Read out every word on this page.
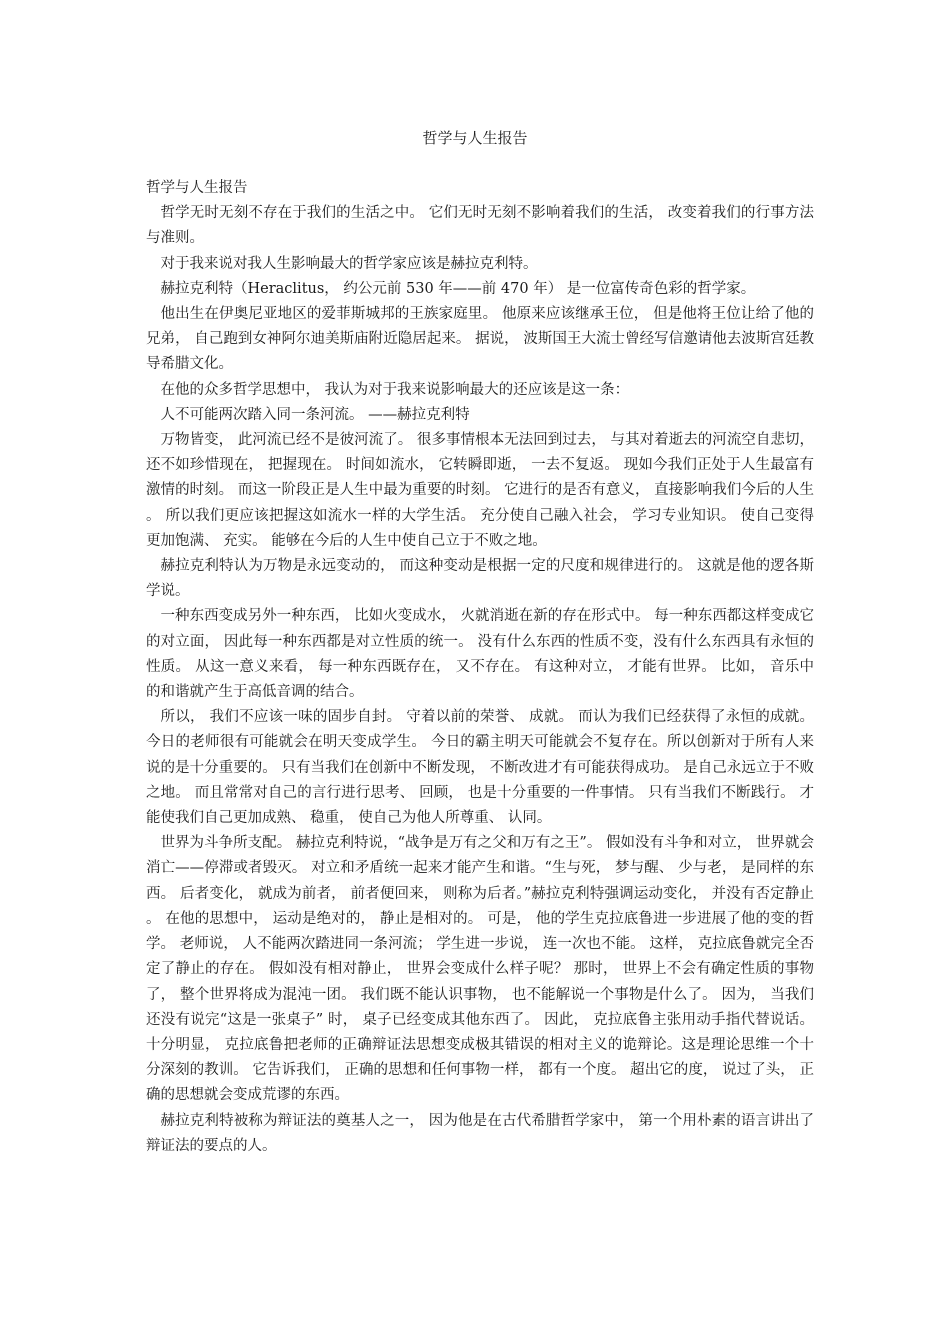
哲学与人生报告

哲学与人生报告

哲学无时无刻不存在于我们的生活之中。 它们无时无刻不影响着我们的生活， 改变着我们的行事方法与准则。

对于我来说对我人生影响最大的哲学家应该是赫拉克利特。

赫拉克利特（Heraclitus， 约公元前 530 年——前 470 年） 是一位富传奇色彩的哲学家。

他出生在伊奥尼亚地区的爱菲斯城邦的王族家庭里。 他原来应该继承王位， 但是他将王位让给了他的兄弟， 自己跑到女神阿尔迪美斯庙附近隐居起来。 据说， 波斯国王大流士曾经写信邀请他去波斯宫廷教导希腊文化。

在他的众多哲学思想中， 我认为对于我来说影响最大的还应该是这一条：

人不可能两次踏入同一条河流。 ——赫拉克利特

万物皆变， 此河流已经不是彼河流了。 很多事情根本无法回到过去， 与其对着逝去的河流空自悲切， 还不如珍惜现在， 把握现在。 时间如流水， 它转瞬即逝， 一去不复返。 现如今我们正处于人生最富有激情的时刻。 而这一阶段正是人生中最为重要的时刻。 它进行的是否有意义， 直接影响我们今后的人生。 所以我们更应该把握这如流水一样的大学生活。 充分使自己融入社会， 学习专业知识。 使自己变得更加饱满、 充实。 能够在今后的人生中使自己立于不败之地。

赫拉克利特认为万物是永远变动的， 而这种变动是根据一定的尺度和规律进行的。 这就是他的逻各斯学说。

一种东西变成另外一种东西， 比如火变成水， 火就消逝在新的存在形式中。 每一种东西都这样变成它的对立面， 因此每一种东西都是对立性质的统一。 没有什么东西的性质不变，没有什么东西具有永恒的性质。 从这一意义来看， 每一种东西既存在， 又不存在。 有这种对立， 才能有世界。 比如， 音乐中的和谐就产生于高低音调的结合。

所以， 我们不应该一味的固步自封。 守着以前的荣誉、 成就。 而认为我们已经获得了永恒的成就。 今日的老师很有可能就会在明天变成学生。 今日的霸主明天可能就会不复存在。所以创新对于所有人来说的是十分重要的。 只有当我们在创新中不断发现， 不断改进才有可能获得成功。 是自己永远立于不败之地。 而且常常对自己的言行进行思考、 回顾， 也是十分重要的一件事情。 只有当我们不断践行。 才能使我们自己更加成熟、 稳重， 使自己为他人所尊重、 认同。

世界为斗争所支配。 赫拉克利特说，“战争是万有之父和万有之王”。 假如没有斗争和对立， 世界就会消亡——停滞或者毁灭。 对立和矛盾统一起来才能产生和谐。“生与死， 梦与醒、 少与老， 是同样的东西。 后者变化， 就成为前者， 前者便回来， 则称为后者。”赫拉克利特强调运动变化， 并没有否定静止。 在他的思想中， 运动是绝对的， 静止是相对的。 可是， 他的学生克拉底鲁进一步进展了他的变的哲学。 老师说， 人不能两次踏进同一条河流； 学生进一步说， 连一次也不能。 这样， 克拉底鲁就完全否定了静止的存在。 假如没有相对静止， 世界会变成什么样子呢？ 那时， 世界上不会有确定性质的事物了， 整个世界将成为混沌一团。 我们既不能认识事物， 也不能解说一个事物是什么了。 因为， 当我们还没有说完“这是一张桌子” 时， 桌子已经变成其他东西了。 因此， 克拉底鲁主张用动手指代替说话。 十分明显， 克拉底鲁把老师的正确辩证法思想变成极其错误的相对主义的诡辩论。这是理论思维一个十分深刻的教训。 它告诉我们， 正确的思想和任何事物一样， 都有一个度。 超出它的度， 说过了头， 正确的思想就会变成荒谬的东西。

赫拉克利特被称为辩证法的奠基人之一， 因为他是在古代希腊哲学家中， 第一个用朴素的语言讲出了辩证法的要点的人。
